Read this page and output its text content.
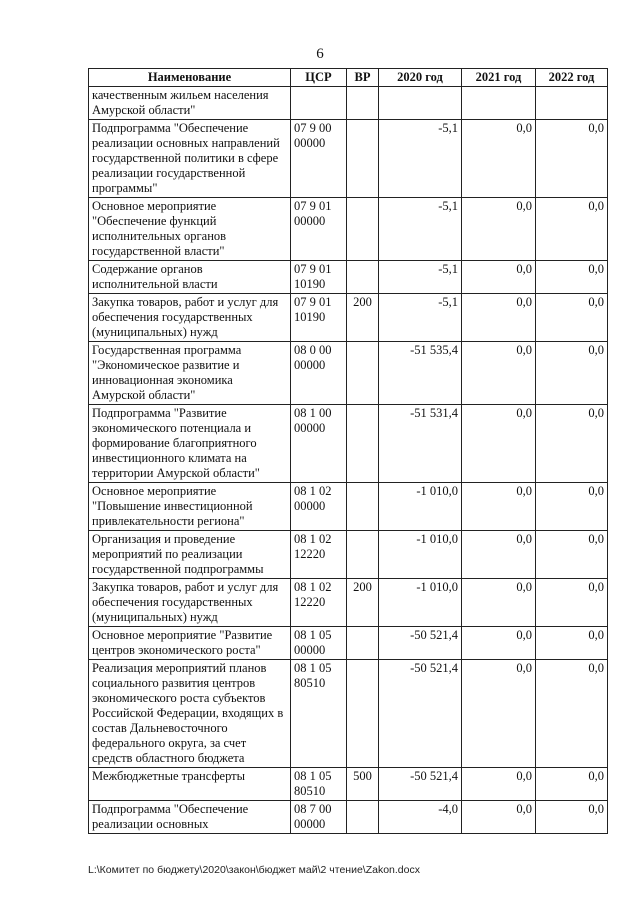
6
Наименование	ЦСР	ВР	2020 год	2021 год	2022 год
качественным жильем населения Амурской области"					
Подпрограмма "Обеспечение реализации основных направлений государственной политики в сфере реализации государственной программы"	07 9 00 00000		-5,1	0,0	0,0
Основное мероприятие "Обеспечение функций исполнительных органов государственной власти"	07 9 01 00000		-5,1	0,0	0,0
Содержание органов исполнительной власти	07 9 01 10190		-5,1	0,0	0,0
Закупка товаров, работ и услуг для обеспечения государственных (муниципальных) нужд	07 9 01 10190	200	-5,1	0,0	0,0
Государственная программа "Экономическое развитие и инновационная экономика Амурской области"	08 0 00 00000		-51 535,4	0,0	0,0
Подпрограмма "Развитие экономического потенциала и формирование благоприятного инвестиционного климата на территории Амурской области"	08 1 00 00000		-51 531,4	0,0	0,0
Основное мероприятие "Повышение инвестиционной привлекательности региона"	08 1 02 00000		-1 010,0	0,0	0,0
Организация и проведение мероприятий по реализации государственной подпрограммы	08 1 02 12220		-1 010,0	0,0	0,0
Закупка товаров, работ и услуг для обеспечения государственных (муниципальных) нужд	08 1 02 12220	200	-1 010,0	0,0	0,0
Основное мероприятие "Развитие центров экономического роста"	08 1 05 00000		-50 521,4	0,0	0,0
Реализация мероприятий планов социального развития центров экономического роста субъектов Российской Федерации, входящих в состав Дальневосточного федерального округа, за счет средств областного бюджета	08 1 05 80510		-50 521,4	0,0	0,0
Межбюджетные трансферты	08 1 05 80510	500	-50 521,4	0,0	0,0
Подпрограмма "Обеспечение реализации основных	08 7 00 00000		-4,0	0,0	0,0
L:\Комитет по бюджету\2020\закон\бюджет май\2 чтение\Zakon.docx
